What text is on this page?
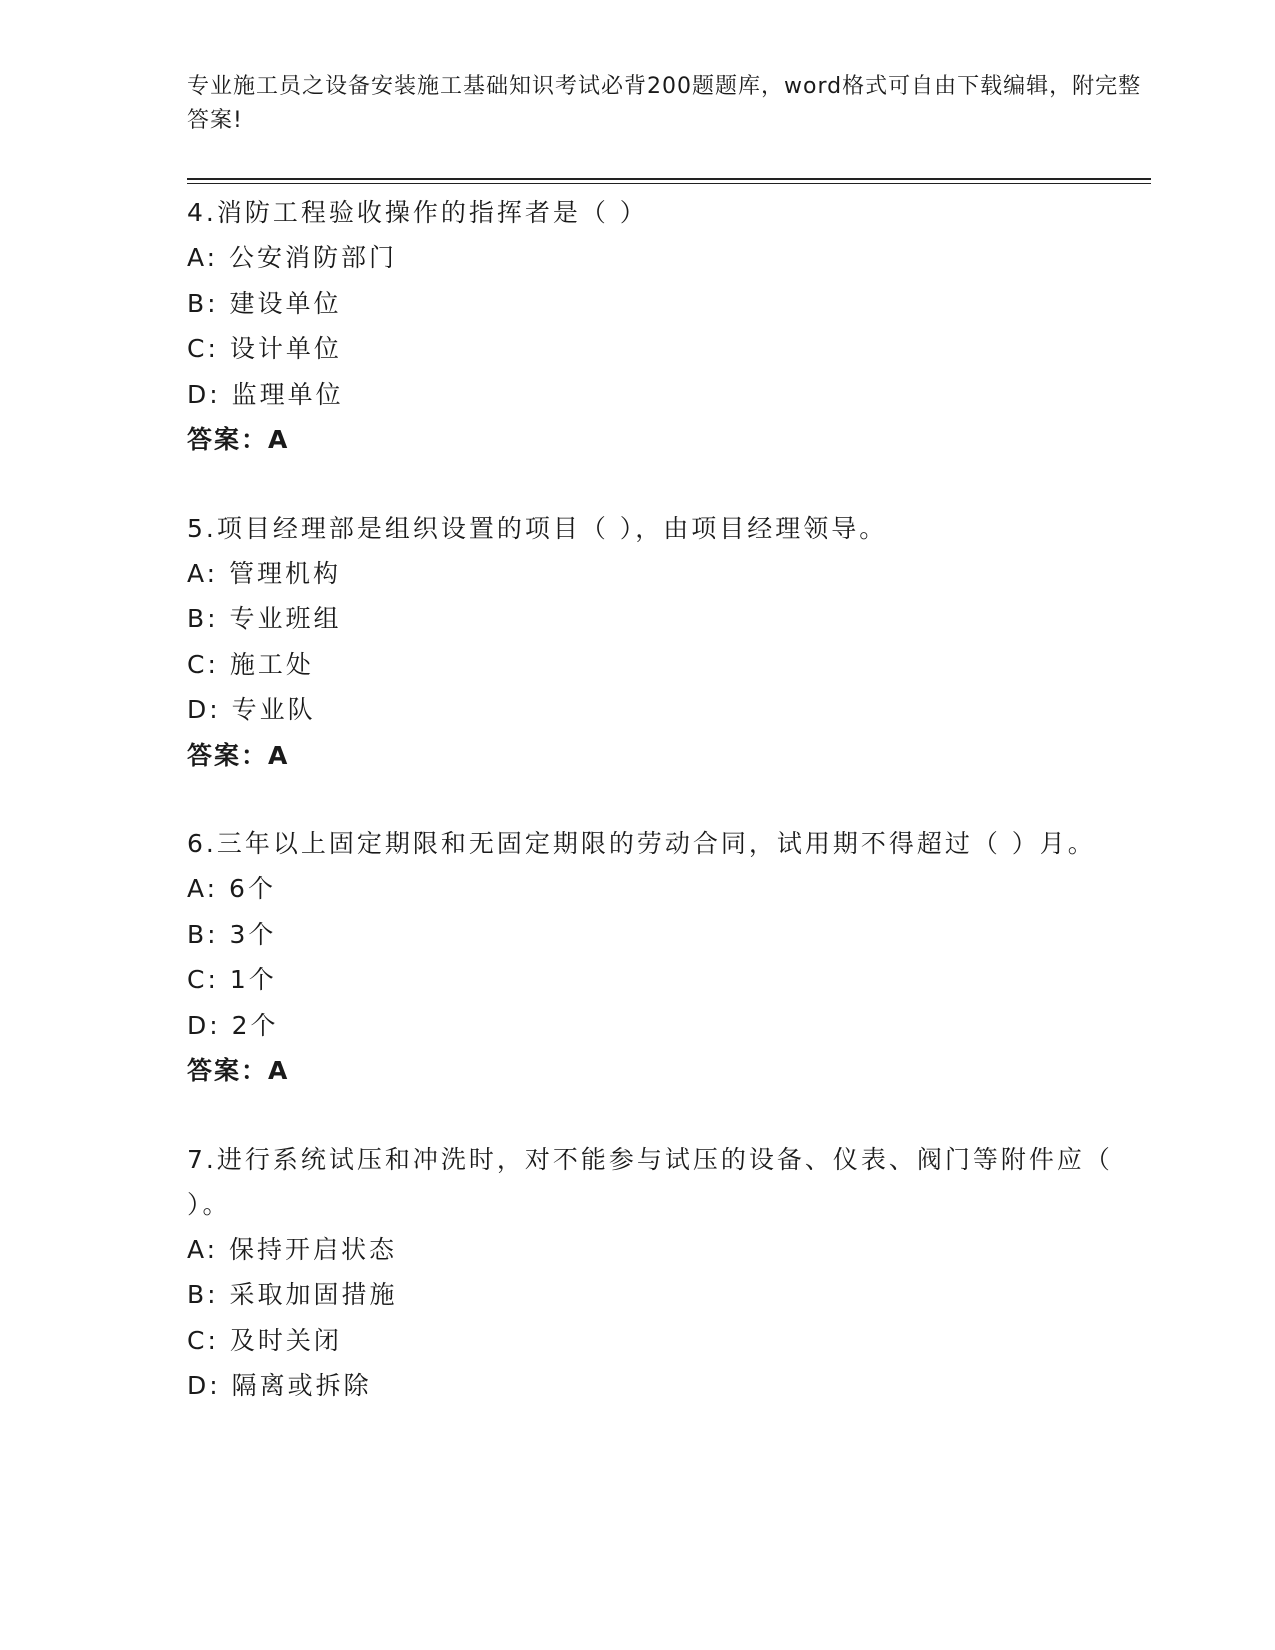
专业施工员之设备安装施工基础知识考试必背200题题库，word格式可自由下载编辑，附完整答案!

4.消防工程验收操作的指挥者是（ ）

A: 公安消防部门

B: 建设单位

C: 设计单位

D: 监理单位

答案：A

5.项目经理部是组织设置的项目（ ），由项目经理领导。

A: 管理机构

B: 专业班组

C: 施工处

D: 专业队

答案：A

6.三年以上固定期限和无固定期限的劳动合同，试用期不得超过（ ）月。

A: 6个

B: 3个

C: 1个

D: 2个

答案：A

7.进行系统试压和冲洗时，对不能参与试压的设备、仪表、阀门等附件应（ ）。

A: 保持开启状态

B: 采取加固措施

C: 及时关闭

D: 隔离或拆除
